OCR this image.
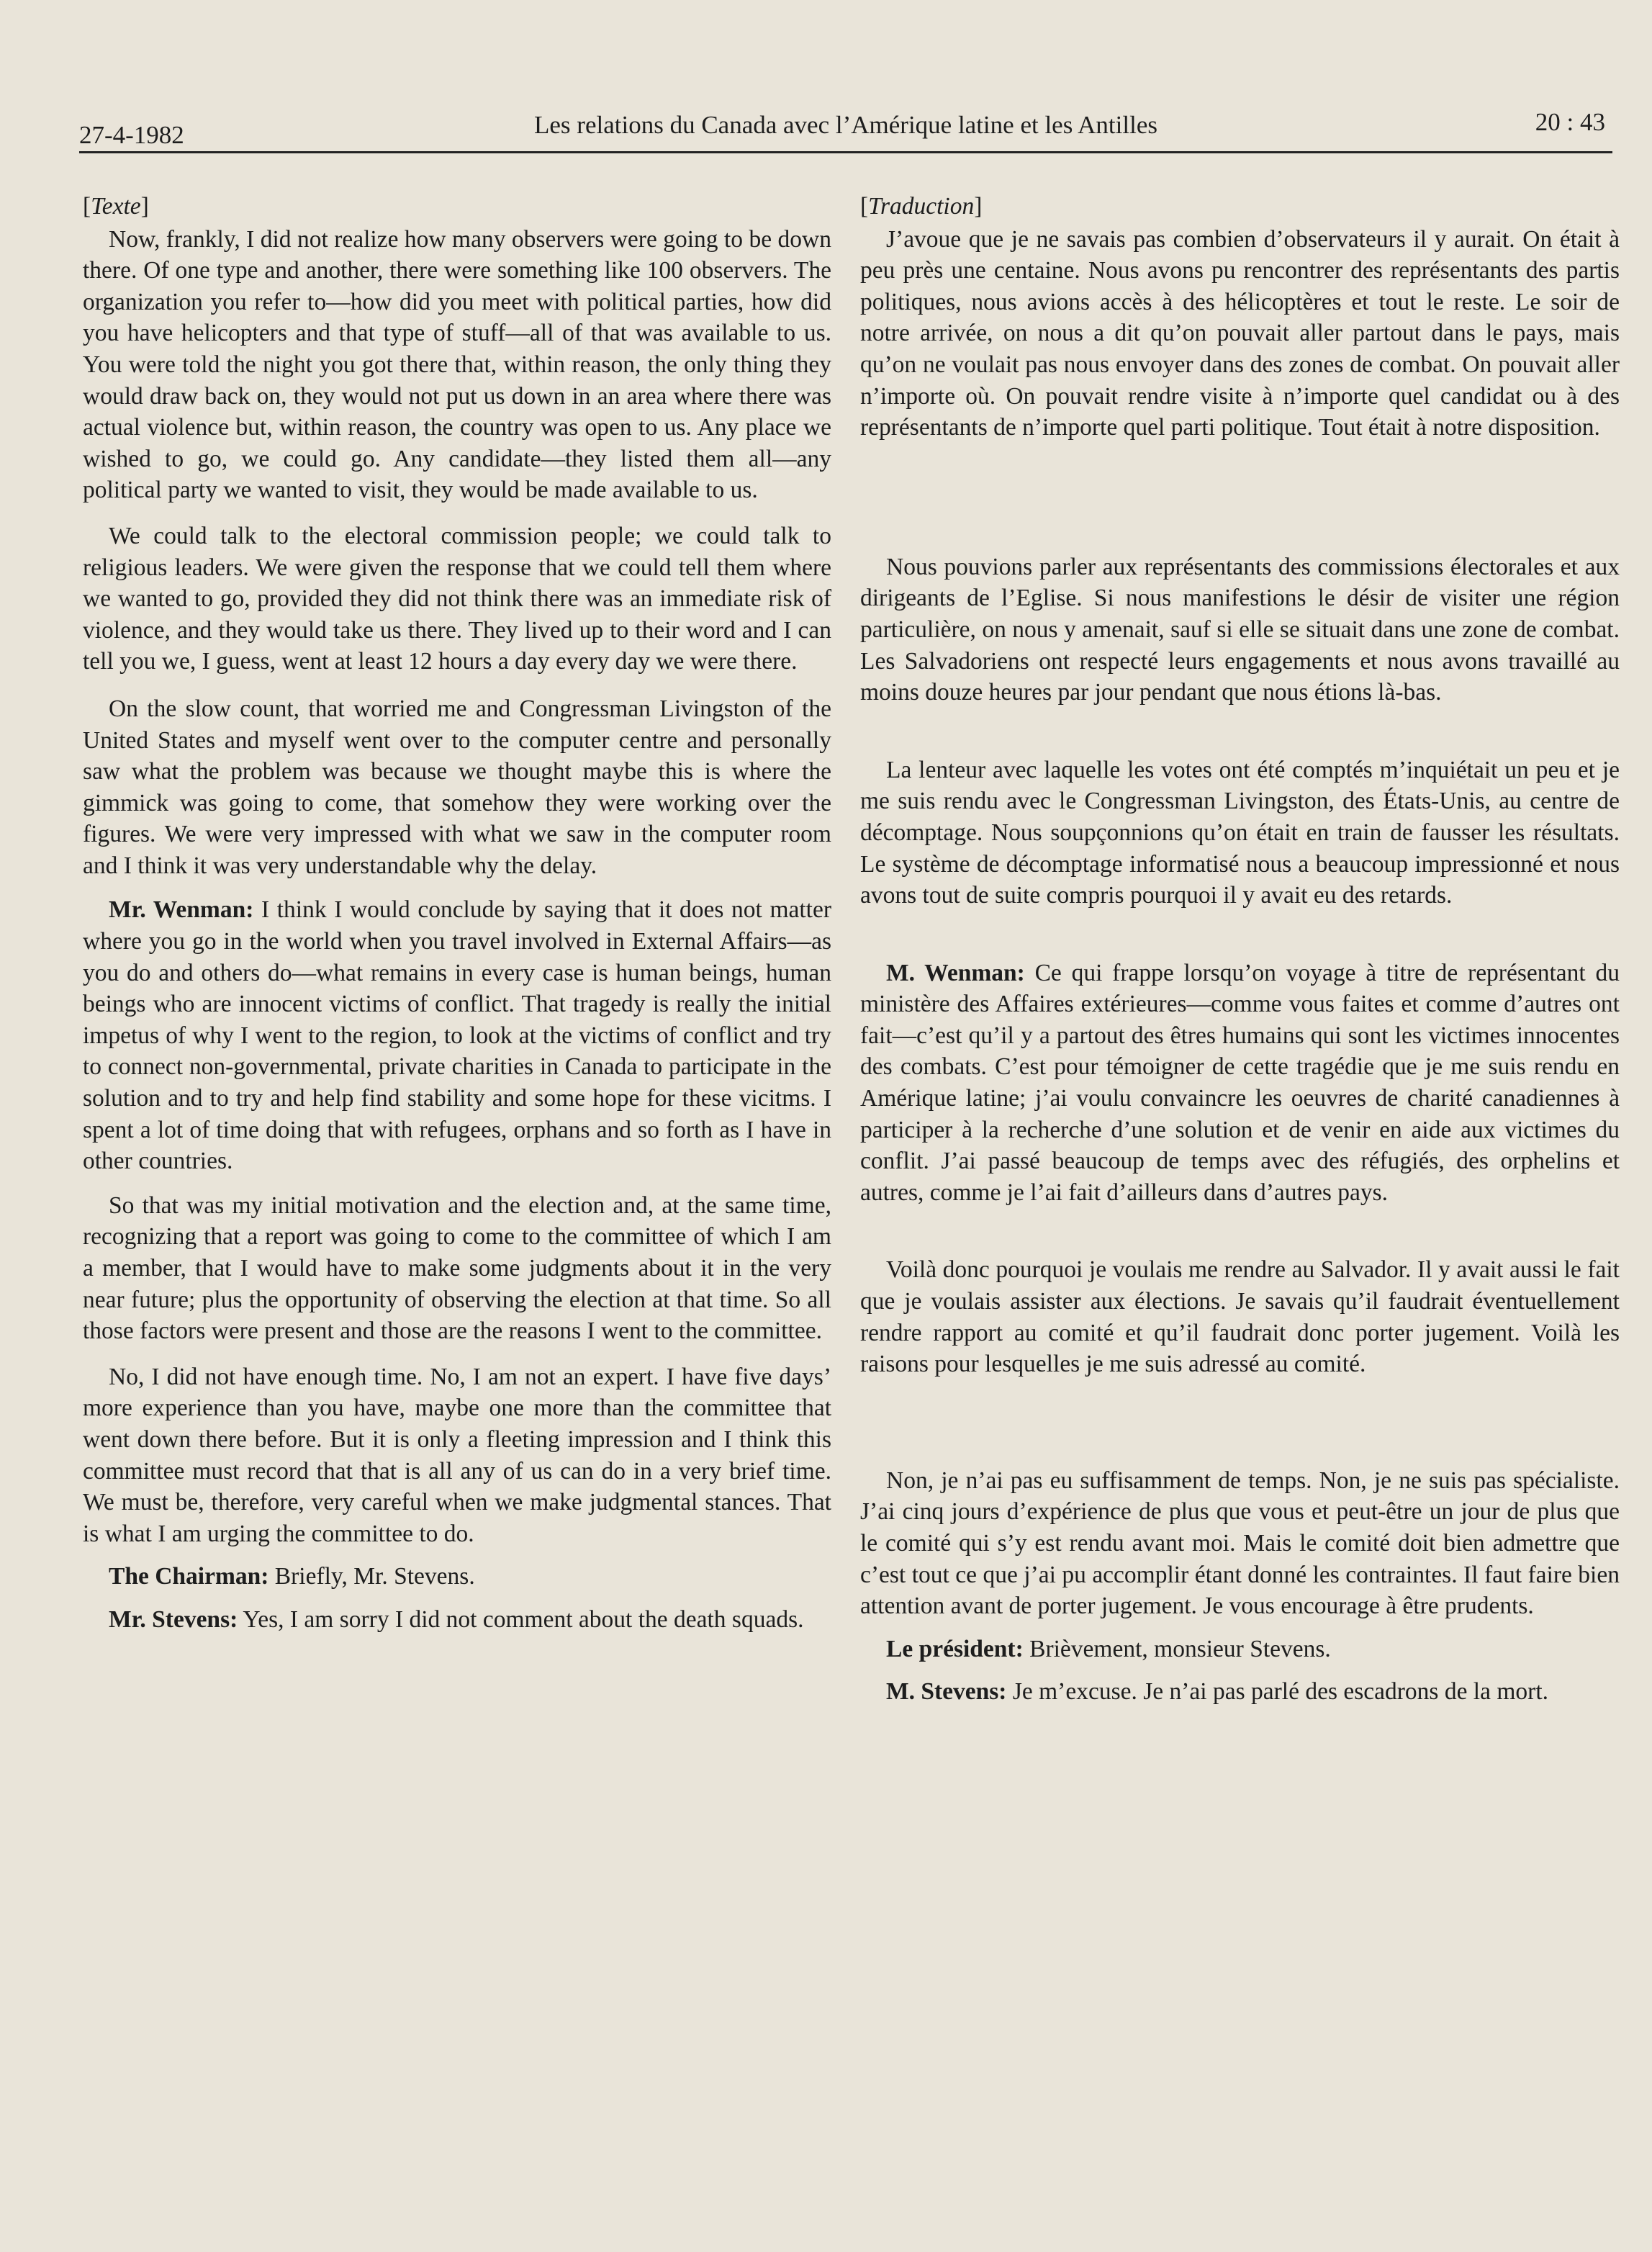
27-4-1982	Les relations du Canada avec l’Amérique latine et les Antilles	20 : 43
[Texte]

Now, frankly, I did not realize how many observers were going to be down there. Of one type and another, there were something like 100 observers. The organization you refer to—how did you meet with political parties, how did you have helicopters and that type of stuff—all of that was available to us. You were told the night you got there that, within reason, the only thing they would draw back on, they would not put us down in an area where there was actual violence but, within reason, the country was open to us. Any place we wished to go, we could go. Any candidate—they listed them all—any political party we wanted to visit, they would be made available to us.

We could talk to the electoral commission people; we could talk to religious leaders. We were given the response that we could tell them where we wanted to go, provided they did not think there was an immediate risk of violence, and they would take us there. They lived up to their word and I can tell you we, I guess, went at least 12 hours a day every day we were there.

On the slow count, that worried me and Congressman Livingston of the United States and myself went over to the computer centre and personally saw what the problem was because we thought maybe this is where the gimmick was going to come, that somehow they were working over the figures. We were very impressed with what we saw in the computer room and I think it was very understandable why the delay.

Mr. Wenman: I think I would conclude by saying that it does not matter where you go in the world when you travel involved in External Affairs—as you do and others do—what remains in every case is human beings, human beings who are innocent victims of conflict. That tragedy is really the initial impetus of why I went to the region, to look at the victims of conflict and try to connect non-governmental, private charities in Canada to participate in the solution and to try and help find stability and some hope for these vicitms. I spent a lot of time doing that with refugees, orphans and so forth as I have in other countries.

So that was my initial motivation and the election and, at the same time, recognizing that a report was going to come to the committee of which I am a member, that I would have to make some judgments about it in the very near future; plus the opportunity of observing the election at that time. So all those factors were present and those are the reasons I went to the committee.

No, I did not have enough time. No, I am not an expert. I have five days’ more experience than you have, maybe one more than the committee that went down there before. But it is only a fleeting impression and I think this committee must record that that is all any of us can do in a very brief time. We must be, therefore, very careful when we make judgmental stances. That is what I am urging the committee to do.

The Chairman: Briefly, Mr. Stevens.

Mr. Stevens: Yes, I am sorry I did not comment about the death squads.

[Traduction]

J’avoue que je ne savais pas combien d’observateurs il y aurait. On était à peu près une centaine. Nous avons pu rencontrer des représentants des partis politiques, nous avions accès à des hélicoptères et tout le reste. Le soir de notre arrivée, on nous a dit qu’on pouvait aller partout dans le pays, mais qu’on ne voulait pas nous envoyer dans des zones de combat. On pouvait aller n’importe où. On pouvait rendre visite à n’importe quel candidat ou à des représentants de n’importe quel parti politique. Tout était à notre disposition.

Nous pouvions parler aux représentants des commissions électorales et aux dirigeants de l’Eglise. Si nous manifestions le désir de visiter une région particulière, on nous y amenait, sauf si elle se situait dans une zone de combat. Les Salvadoriens ont respecté leurs engagements et nous avons travaillé au moins douze heures par jour pendant que nous étions là-bas.

La lenteur avec laquelle les votes ont été comptés m’inquiétait un peu et je me suis rendu avec le Congressman Livingston, des États-Unis, au centre de décomptage. Nous soupçonnions qu’on était en train de fausser les résultats. Le système de décomptage informatisé nous a beaucoup impressionné et nous avons tout de suite compris pourquoi il y avait eu des retards.

M. Wenman: Ce qui frappe lorsqu’on voyage à titre de représentant du ministère des Affaires extérieures—comme vous faites et comme d’autres ont fait—c’est qu’il y a partout des êtres humains qui sont les victimes innocentes des combats. C’est pour témoigner de cette tragédie que je me suis rendu en Amérique latine; j’ai voulu convaincre les oeuvres de charité canadiennes à participer à la recherche d’une solution et de venir en aide aux victimes du conflit. J’ai passé beaucoup de temps avec des réfugiés, des orphelins et autres, comme je l’ai fait d’ailleurs dans d’autres pays.

Voilà donc pourquoi je voulais me rendre au Salvador. Il y avait aussi le fait que je voulais assister aux élections. Je savais qu’il faudrait éventuellement rendre rapport au comité et qu’il faudrait donc porter jugement. Voilà les raisons pour lesquelles je me suis adressé au comité.

Non, je n’ai pas eu suffisamment de temps. Non, je ne suis pas spécialiste. J’ai cinq jours d’expérience de plus que vous et peut-être un jour de plus que le comité qui s’y est rendu avant moi. Mais le comité doit bien admettre que c’est tout ce que j’ai pu accomplir étant donné les contraintes. Il faut faire bien attention avant de porter jugement. Je vous encourage à être prudents.

Le président: Brièvement, monsieur Stevens.

M. Stevens: Je m’excuse. Je n’ai pas parlé des escadrons de la mort.
